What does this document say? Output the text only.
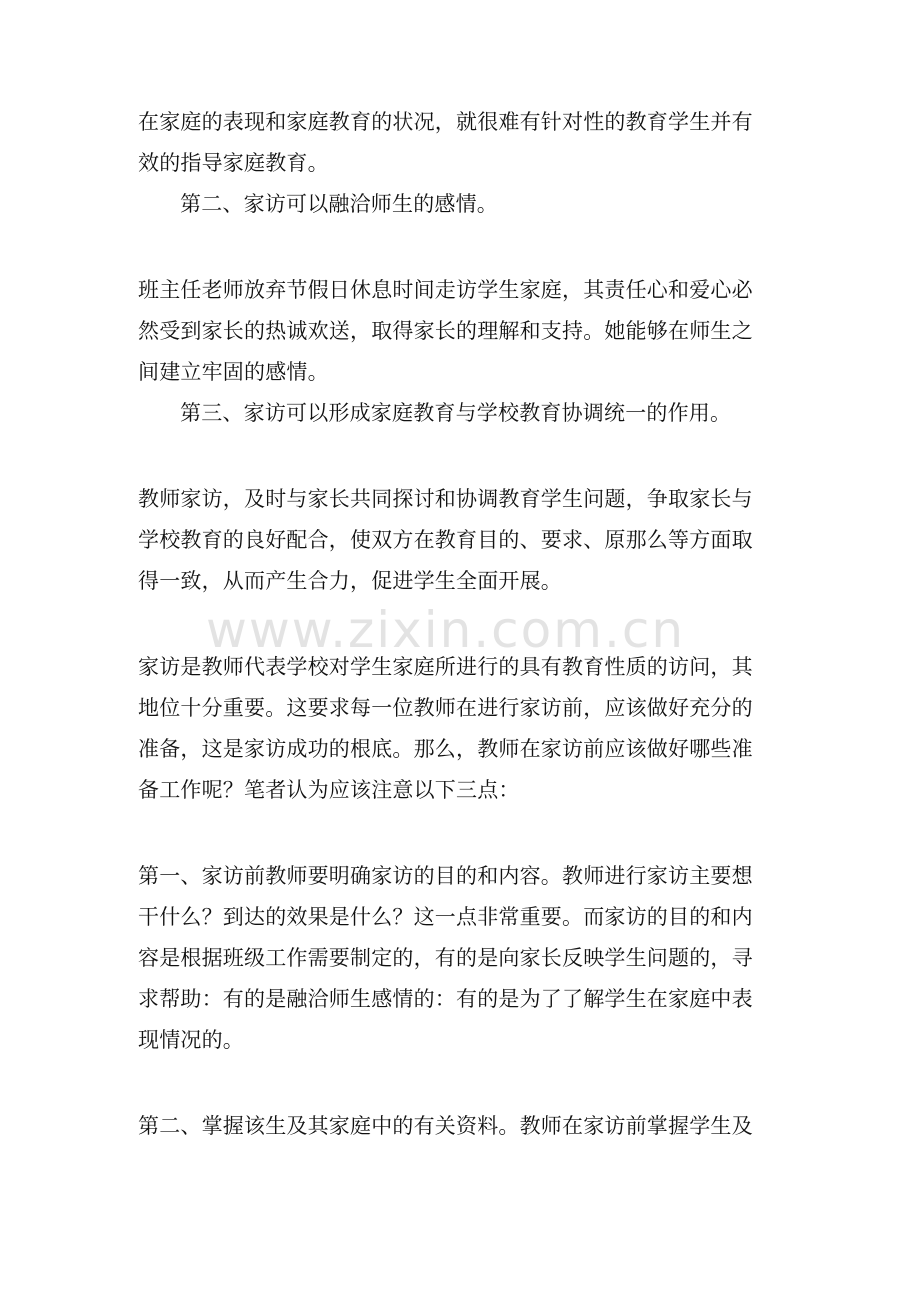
www.zixin.com.cn
在家庭的表现和家庭教育的状况，就很难有针对性的教育学生并有
效的指导家庭教育。
第二、家访可以融洽师生的感情。
班主任老师放弃节假日休息时间走访学生家庭，其责任心和爱心必
然受到家长的热诚欢送，取得家长的理解和支持。她能够在师生之
间建立牢固的感情。
第三、家访可以形成家庭教育与学校教育协调统一的作用。
教师家访，及时与家长共同探讨和协调教育学生问题，争取家长与
学校教育的良好配合，使双方在教育目的、要求、原那么等方面取
得一致，从而产生合力，促进学生全面开展。
家访是教师代表学校对学生家庭所进行的具有教育性质的访问，其
地位十分重要。这要求每一位教师在进行家访前，应该做好充分的
准备，这是家访成功的根底。那么，教师在家访前应该做好哪些准
备工作呢？笔者认为应该注意以下三点：
第一、家访前教师要明确家访的目的和内容。教师进行家访主要想
干什么？到达的效果是什么？这一点非常重要。而家访的目的和内
容是根据班级工作需要制定的，有的是向家长反映学生问题的，寻
求帮助：有的是融洽师生感情的：有的是为了了解学生在家庭中表
现情况的。
第二、掌握该生及其家庭中的有关资料。教师在家访前掌握学生及
